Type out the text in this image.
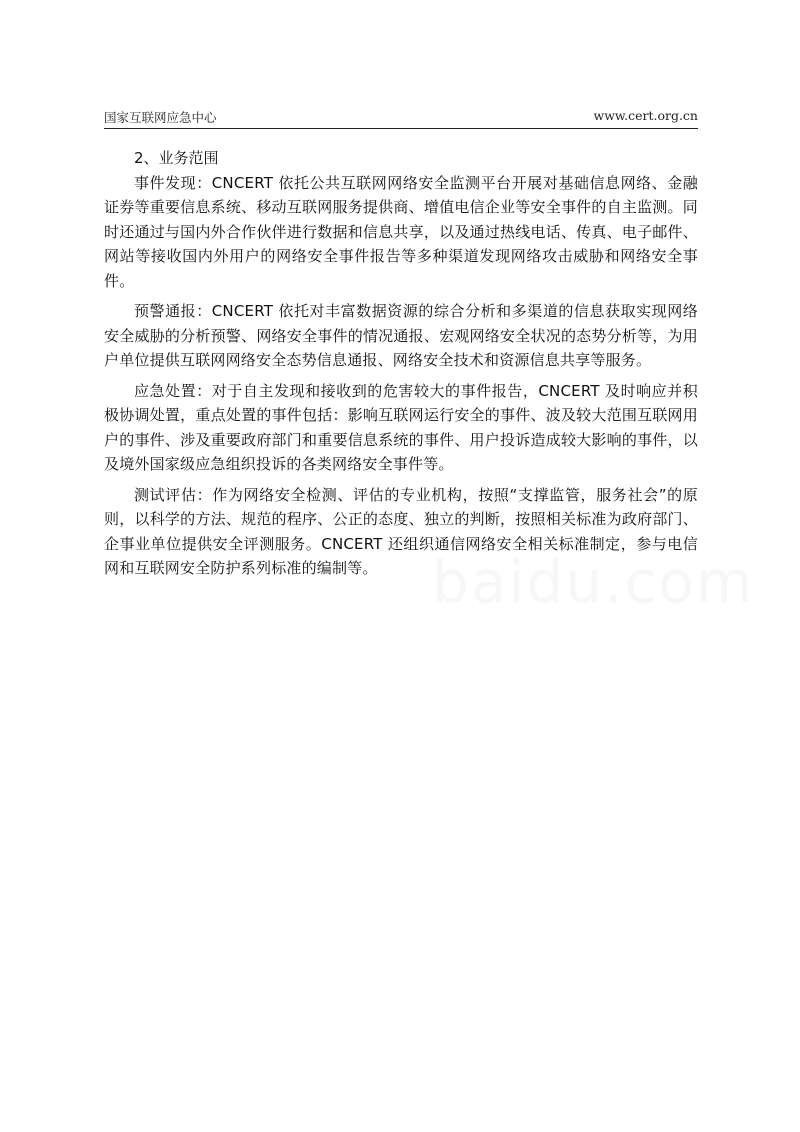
国家互联网应急中心	www.cert.org.cn

2、业务范围

事件发现：CNCERT 依托公共互联网网络安全监测平台开展对基础信息网络、金融证券等重要信息系统、移动互联网服务提供商、增值电信企业等安全事件的自主监测。同时还通过与国内外合作伙伴进行数据和信息共享，以及通过热线电话、传真、电子邮件、网站等接收国内外用户的网络安全事件报告等多种渠道发现网络攻击威胁和网络安全事件。

预警通报：CNCERT 依托对丰富数据资源的综合分析和多渠道的信息获取实现网络安全威胁的分析预警、网络安全事件的情况通报、宏观网络安全状况的态势分析等，为用户单位提供互联网网络安全态势信息通报、网络安全技术和资源信息共享等服务。

应急处置：对于自主发现和接收到的危害较大的事件报告，CNCERT 及时响应并积极协调处置，重点处置的事件包括：影响互联网运行安全的事件、波及较大范围互联网用户的事件、涉及重要政府部门和重要信息系统的事件、用户投诉造成较大影响的事件，以及境外国家级应急组织投诉的各类网络安全事件等。

测试评估：作为网络安全检测、评估的专业机构，按照“支撑监管，服务社会”的原则，以科学的方法、规范的程序、公正的态度、独立的判断，按照相关标准为政府部门、企事业单位提供安全评测服务。CNCERT 还组织通信网络安全相关标准制定，参与电信网和互联网安全防护系列标准的编制等。 baidu.com
